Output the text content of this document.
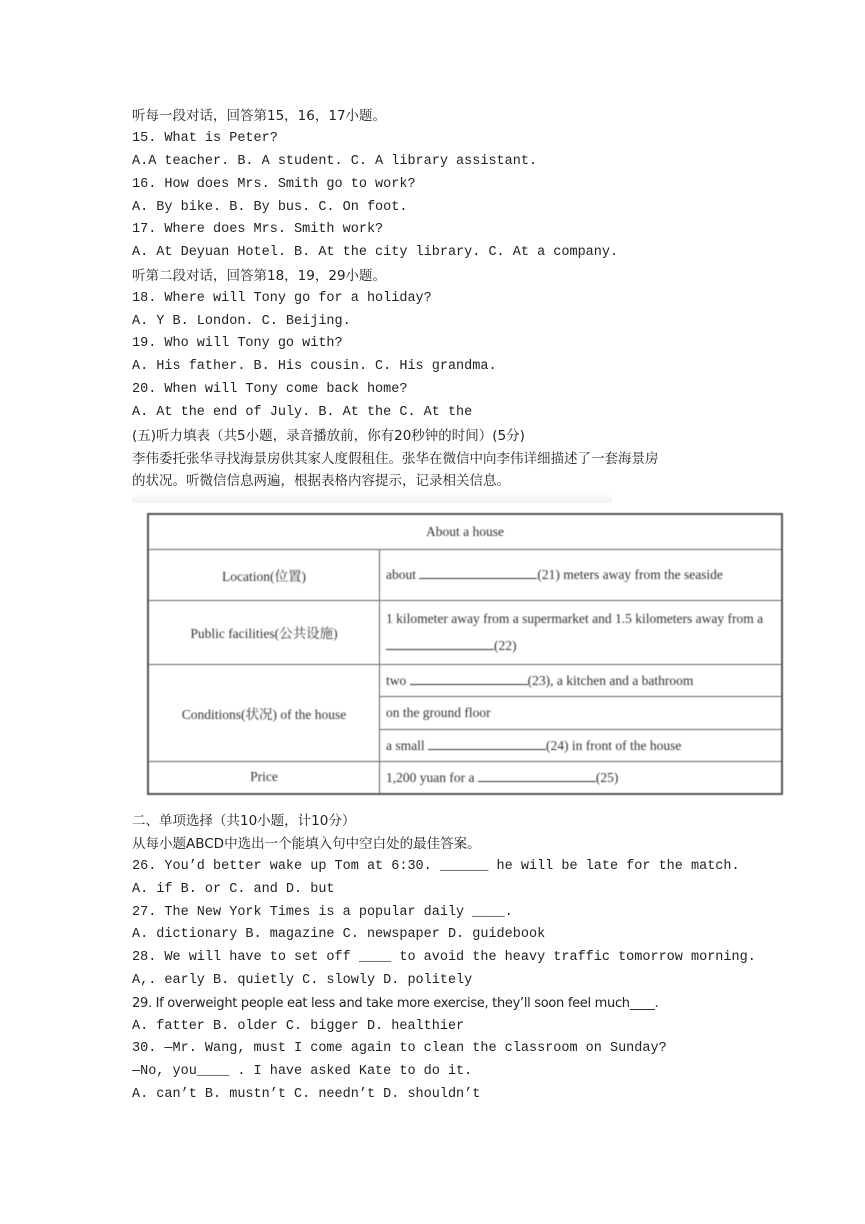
听每一段对话，回答第15，16，17小题。
15. What is Peter?
A.A teacher. B. A student. C. A library assistant.
16. How does Mrs. Smith go to work?
A. By bike. B. By bus. C. On foot.
17. Where does Mrs. Smith work?
A. At Deyuan Hotel. B. At the city library. C. At a company.
听第二段对话，回答第18，19，29小题。
18. Where will Tony go for a holiday?
A. Y B. London. C. Beijing.
19. Who will Tony go with?
A. His father. B. His cousin. C. His grandma.
20. When will Tony come back home?
A. At the end of July. B. At the C. At the
(五)听力填表（共5小题，录音播放前，你有20秒钟的时间）(5分)
李伟委托张华寻找海景房供其家人度假租住。张华在微信中向李伟详细描述了一套海景房
的状况。听微信信息两遍，根据表格内容提示，记录相关信息。
About a house	
Location(位置)	about (21) meters away from the seaside
Public facilities(公共设施)	1 kilometer away from a supermarket and 1.5 kilometers away from a (22)
Conditions(状况) of the house	two (23), a kitchen and a bathroom
	on the ground floor
	a small (24) in front of the house
Price	1,200 yuan for a (25)
二、单项选择（共10小题，计10分）
从每小题ABCD中选出一个能填入句中空白处的最佳答案。
26. You’d better wake up Tom at 6:30. ______ he will be late for the match.
A. if B. or C. and D. but
27. The New York Times is a popular daily ____.
A. dictionary B. magazine C. newspaper D. guidebook
28. We will have to set off ____ to avoid the heavy traffic tomorrow morning.
A,. early B. quietly C. slowly D. politely
29. If overweight people eat less and take more exercise, they’ll soon feel much____.
A. fatter B. older C. bigger D. healthier
30. —Mr. Wang, must I come again to clean the classroom on Sunday?
—No, you____ . I have asked Kate to do it.
A. can’t B. mustn’t C. needn’t D. shouldn’t
